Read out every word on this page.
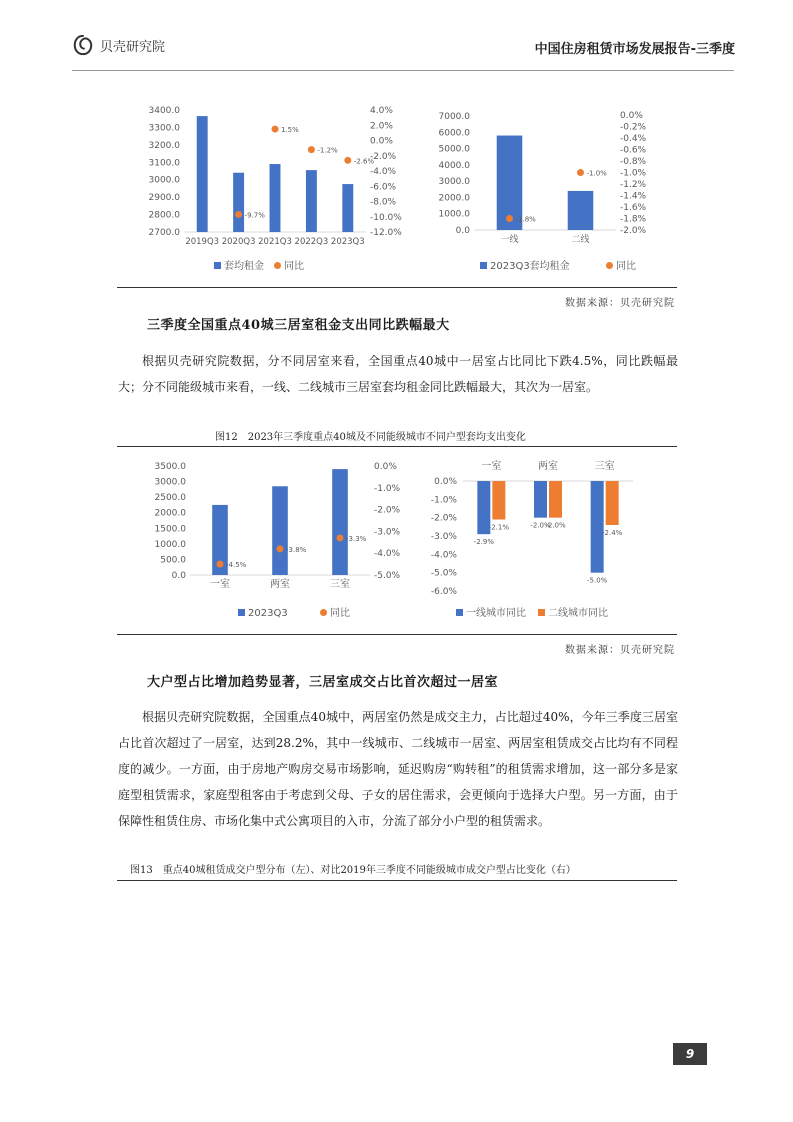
贝壳研究院	中国住房租赁市场发展报告-三季度
3400.0
3300.0
3200.0
3100.0
3000.0
2900.0
2800.0
2700.0
4.0%
2.0%
0.0%
-2.0%
-4.0%
-6.0%
-8.0%
-10.0%
-12.0%
2019Q3 2020Q3
-9.7%
2021Q3
1.5%
2022Q3
-1.2%
2023Q3
-2.6%
套均租金 同比
7000.0
6000.0
5000.0
4000.0
3000.0
2000.0
1000.0
0.0
0.0%
-0.2%
-0.4%
-0.6%
-0.8%
-1.0%
-1.2%
-1.4%
-1.6%
-1.8%
-2.0%
一线
-1.8%
二线
-1.0%
2023Q3套均租金	同比
数据来源：贝壳研究院
三季度全国重点40城三居室租金支出同比跌幅最大

根据贝壳研究院数据，分不同居室来看，全国重点40城中一居室占比同比下跌4.5%，同比跌幅最大；分不同能级城市来看，一线、二线城市三居室套均租金同比跌幅最大，其次为一居室。

图12　2023年三季度重点40城及不同能级城市不同户型套均支出变化
3500.0
3000.0
2500.0
2000.0
1500.0
1000.0
500.0
0.0
0.0%
-1.0%
-2.0%
-3.0%
-4.0%
-5.0%
一室
-4.5%
两室
-3.8%
三室
-3.3%
2023Q3	同比
0.0%
-1.0%
-2.0%
-3.0%
-4.0%
-5.0%
-6.0%
一室
-2.9%
-2.1%
两室
-2.0%
-2.0%
三室
-5.0%
-2.4%
一线城市同比 二线城市同比
数据来源：贝壳研究院
大户型占比增加趋势显著，三居室成交占比首次超过一居室

根据贝壳研究院数据，全国重点40城中，两居室仍然是成交主力，占比超过40%，今年三季度三居室占比首次超过了一居室，达到28.2%，其中一线城市、二线城市一居室、两居室租赁成交占比均有不同程度的减少。一方面，由于房地产购房交易市场影响，延迟购房“购转租”的租赁需求增加，这一部分多是家庭型租赁需求，家庭型租客由于考虑到父母、子女的居住需求，会更倾向于选择大户型。另一方面，由于保障性租赁住房、市场化集中式公寓项目的入市，分流了部分小户型的租赁需求。

图13　重点40城租赁成交户型分布（左）、对比2019年三季度不同能级城市成交户型占比变化（右）
9
